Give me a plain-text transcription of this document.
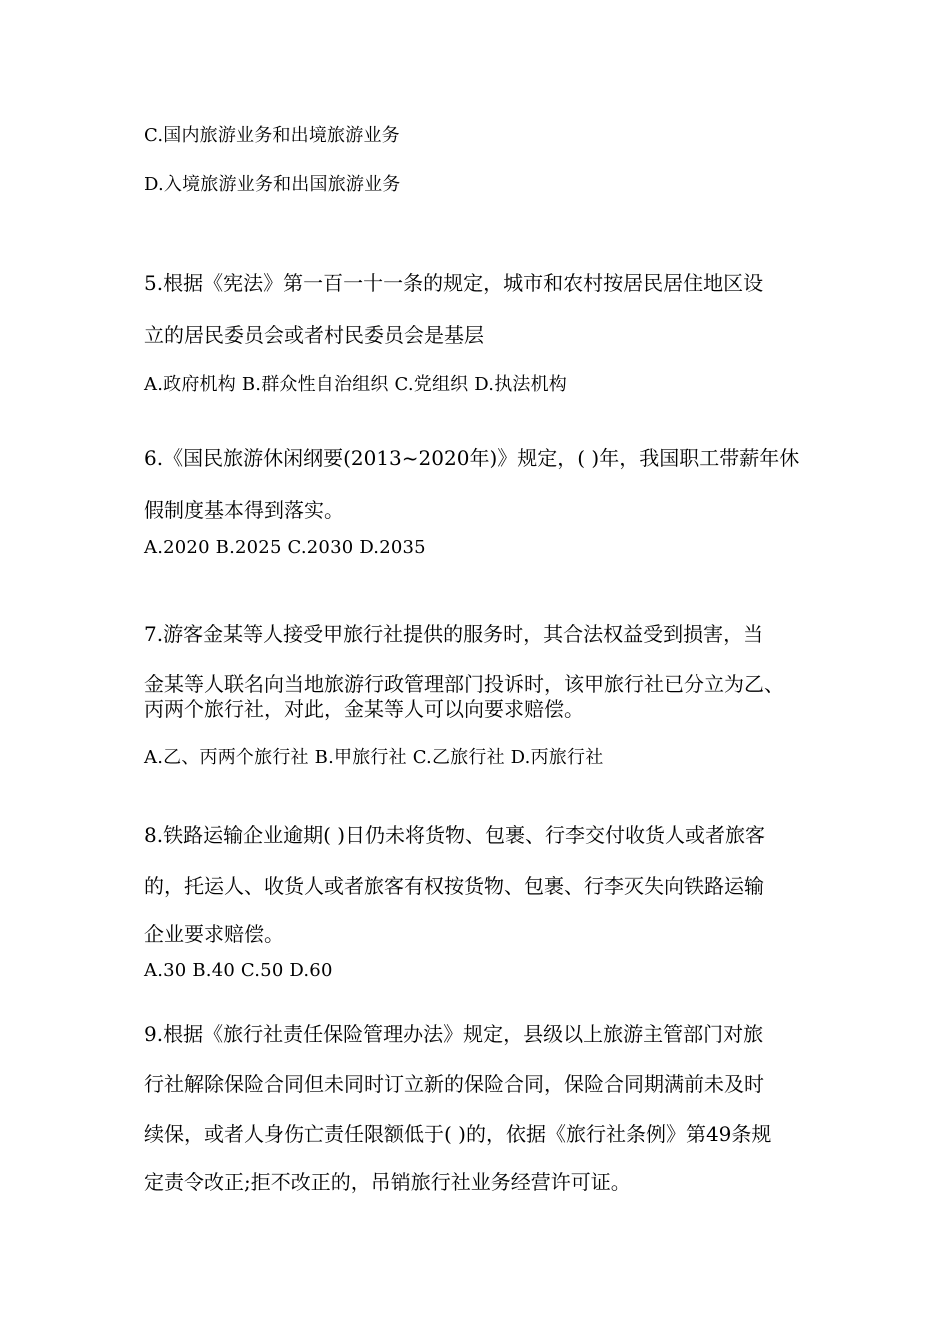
C.国内旅游业务和出境旅游业务
D.入境旅游业务和出国旅游业务
5.根据《宪法》第一百一十一条的规定，城市和农村按居民居住地区设
立的居民委员会或者村民委员会是基层
A.政府机构 B.群众性自治组织 C.党组织 D.执法机构
6.《国民旅游休闲纲要(2013~2020年)》规定，( )年，我国职工带薪年休
假制度基本得到落实。
A.2020 B.2025 C.2030 D.2035
7.游客金某等人接受甲旅行社提供的服务时，其合法权益受到损害，当
金某等人联名向当地旅游行政管理部门投诉时，该甲旅行社已分立为乙、
丙两个旅行社，对此，金某等人可以向要求赔偿。
A.乙、丙两个旅行社 B.甲旅行社 C.乙旅行社 D.丙旅行社
8.铁路运输企业逾期( )日仍未将货物、包裹、行李交付收货人或者旅客
的，托运人、收货人或者旅客有权按货物、包裹、行李灭失向铁路运输
企业要求赔偿。
A.30 B.40 C.50 D.60
9.根据《旅行社责任保险管理办法》规定，县级以上旅游主管部门对旅
行社解除保险合同但未同时订立新的保险合同，保险合同期满前未及时
续保，或者人身伤亡责任限额低于( )的，依据《旅行社条例》第49条规
定责令改正;拒不改正的，吊销旅行社业务经营许可证。
